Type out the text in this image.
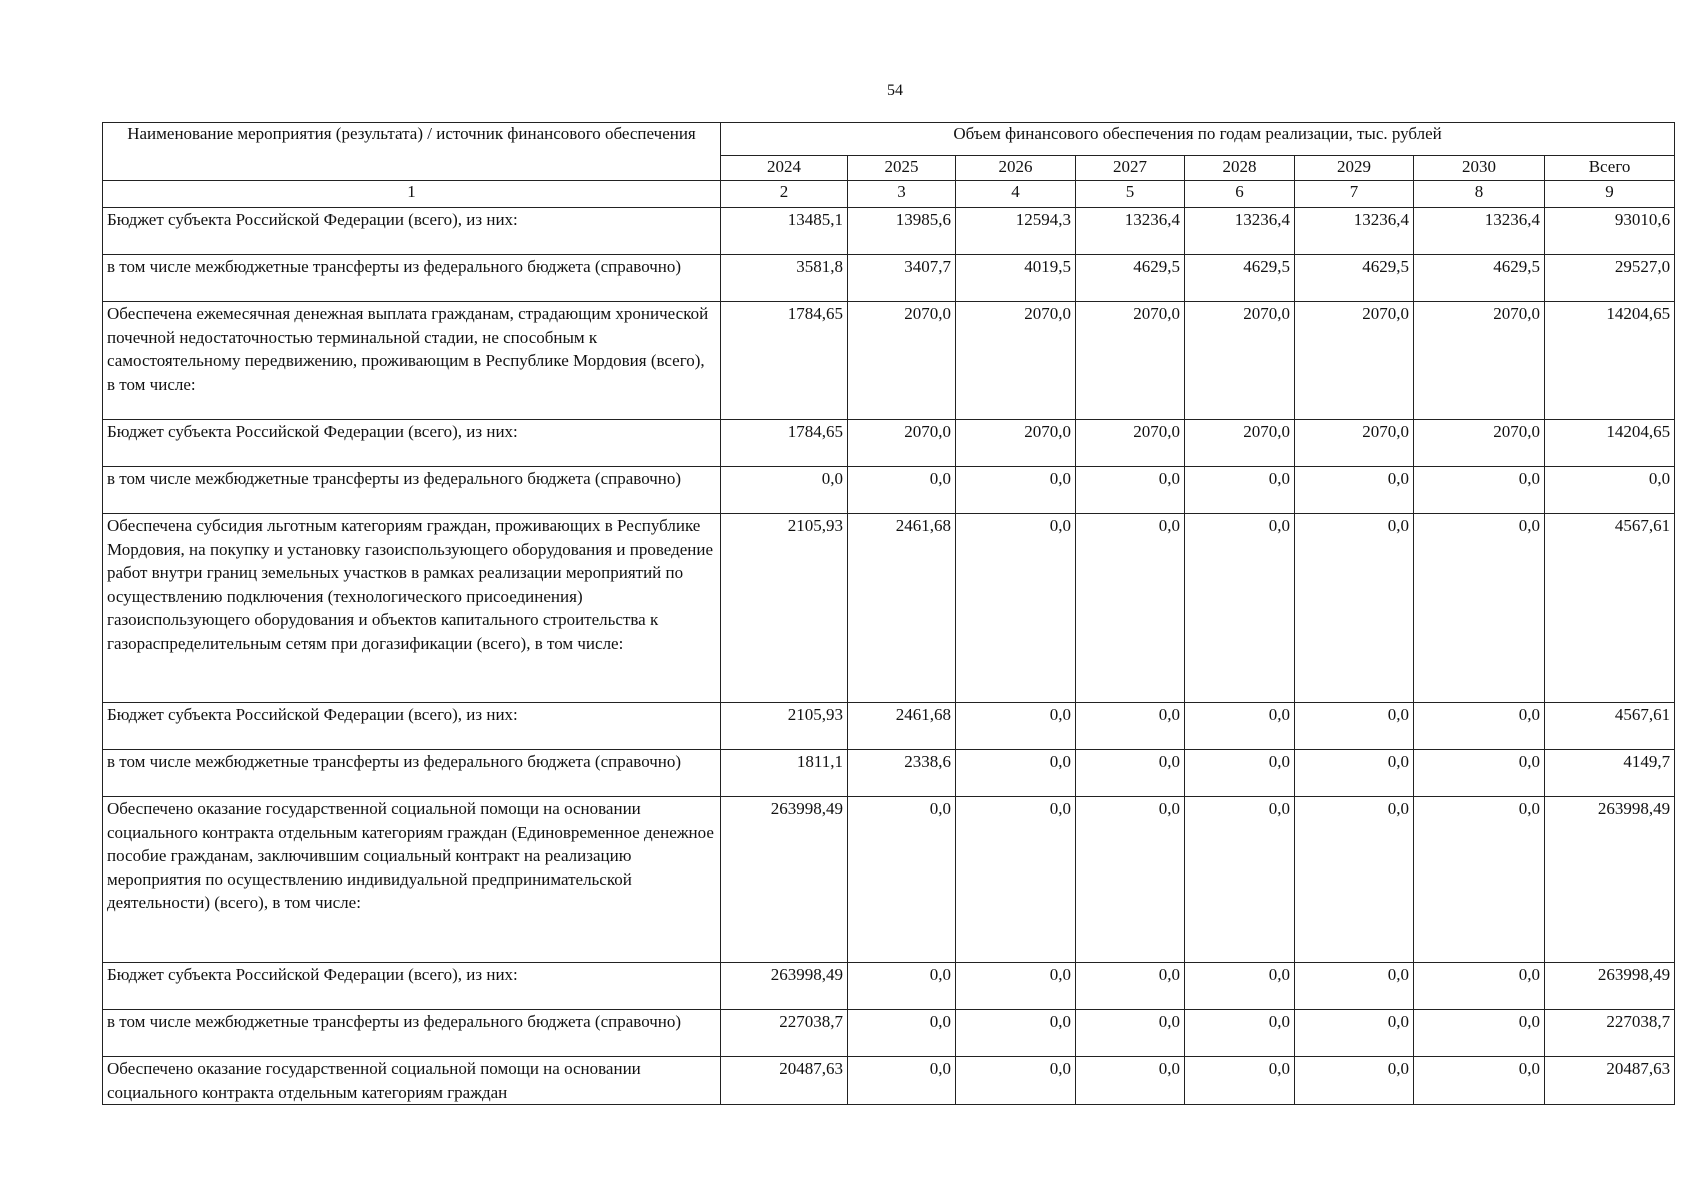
54
Наименование мероприятия (результата) / источник финансового обеспечения	Объем финансового обеспечения по годам реализации, тыс. рублей							
	2024	2025	2026	2027	2028	2029	2030	Всего
1	2	3	4	5	6	7	8	9
Бюджет субъекта Российской Федерации (всего), из них:	13485,1	13985,6	12594,3	13236,4	13236,4	13236,4	13236,4	93010,6
в том числе межбюджетные трансферты из федерального бюджета (справочно)	3581,8	3407,7	4019,5	4629,5	4629,5	4629,5	4629,5	29527,0
Обеспечена ежемесячная денежная выплата гражданам, страдающим хронической почечной недостаточностью терминальной стадии, не способным к самостоятельному передвижению, проживающим в Республике Мордовия (всего), в том числе:	1784,65	2070,0	2070,0	2070,0	2070,0	2070,0	2070,0	14204,65
Бюджет субъекта Российской Федерации (всего), из них:	1784,65	2070,0	2070,0	2070,0	2070,0	2070,0	2070,0	14204,65
в том числе межбюджетные трансферты из федерального бюджета (справочно)	0,0	0,0	0,0	0,0	0,0	0,0	0,0	0,0
Обеспечена субсидия льготным категориям граждан, проживающих в Республике Мордовия, на покупку и установку газоиспользующего оборудования и проведение работ внутри границ земельных участков в рамках реализации мероприятий по осуществлению подключения (технологического присоединения) газоиспользующего оборудования и объектов капитального строительства к газораспределительным сетям при догазификации (всего), в том числе:	2105,93	2461,68	0,0	0,0	0,0	0,0	0,0	4567,61
Бюджет субъекта Российской Федерации (всего), из них:	2105,93	2461,68	0,0	0,0	0,0	0,0	0,0	4567,61
в том числе межбюджетные трансферты из федерального бюджета (справочно)	1811,1	2338,6	0,0	0,0	0,0	0,0	0,0	4149,7
Обеспечено оказание государственной социальной помощи на основании социального контракта отдельным категориям граждан (Единовременное денежное пособие гражданам, заключившим социальный контракт на реализацию мероприятия по осуществлению индивидуальной предпринимательской деятельности) (всего), в том числе:	263998,49	0,0	0,0	0,0	0,0	0,0	0,0	263998,49
Бюджет субъекта Российской Федерации (всего), из них:	263998,49	0,0	0,0	0,0	0,0	0,0	0,0	263998,49
в том числе межбюджетные трансферты из федерального бюджета (справочно)	227038,7	0,0	0,0	0,0	0,0	0,0	0,0	227038,7
Обеспечено оказание государственной социальной помощи на основании социального контракта отдельным категориям граждан	20487,63	0,0	0,0	0,0	0,0	0,0	0,0	20487,63
